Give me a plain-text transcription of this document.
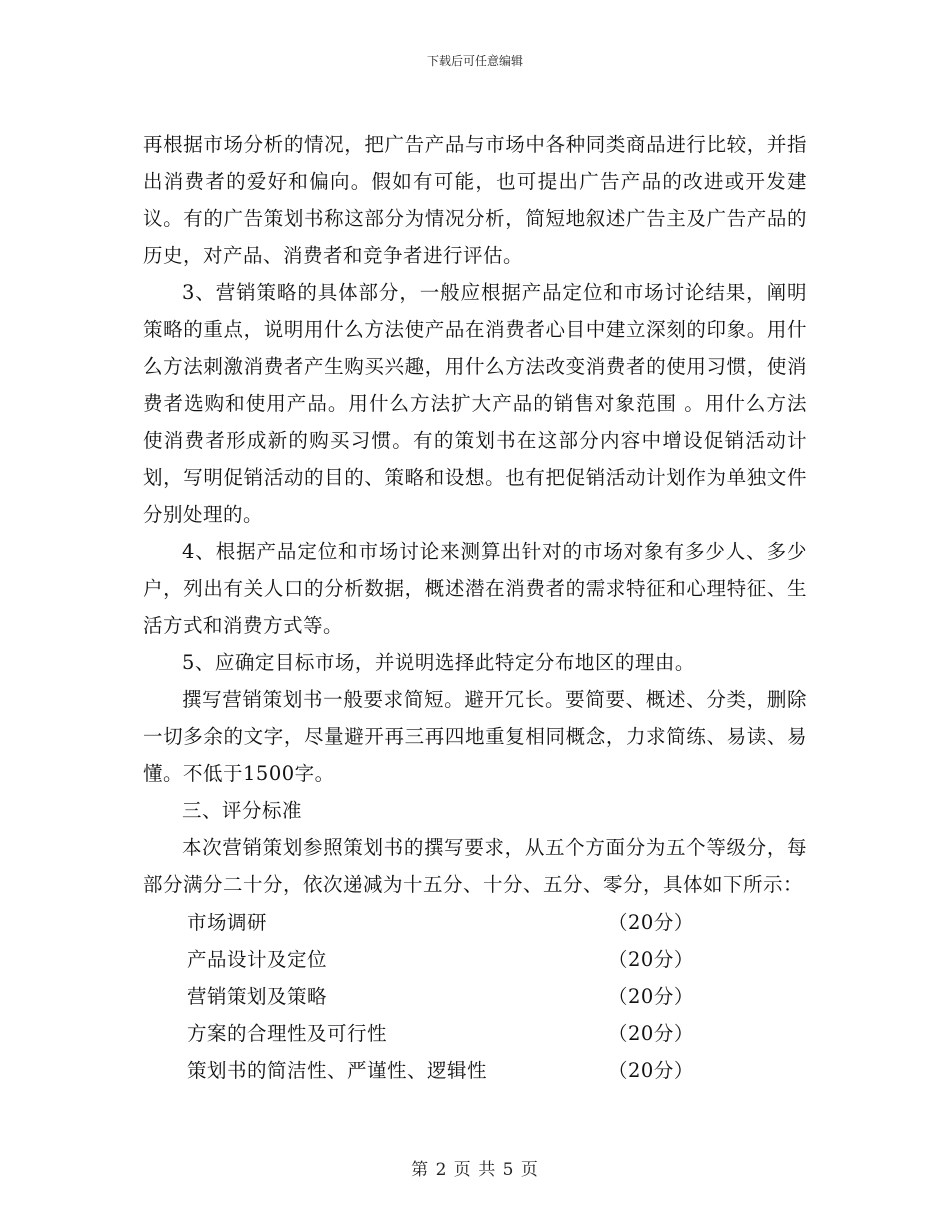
下载后可任意编辑

再根据市场分析的情况，把广告产品与市场中各种同类商品进行比较，并指出消费者的爱好和偏向。假如有可能，也可提出广告产品的改进或开发建议。有的广告策划书称这部分为情况分析，简短地叙述广告主及广告产品的历史，对产品、消费者和竞争者进行评估。

3、营销策略的具体部分，一般应根据产品定位和市场讨论结果，阐明策略的重点，说明用什么方法使产品在消费者心目中建立深刻的印象。用什么方法刺激消费者产生购买兴趣，用什么方法改变消费者的使用习惯，使消费者选购和使用产品。用什么方法扩大产品的销售对象范围 。用什么方法使消费者形成新的购买习惯。有的策划书在这部分内容中增设促销活动计划，写明促销活动的目的、策略和设想。也有把促销活动计划作为单独文件分别处理的。

4、根据产品定位和市场讨论来测算出针对的市场对象有多少人、多少户，列出有关人口的分析数据，概述潜在消费者的需求特征和心理特征、生活方式和消费方式等。

5、应确定目标市场，并说明选择此特定分布地区的理由。

撰写营销策划书一般要求简短。避开冗长。要简要、概述、分类，删除一切多余的文字，尽量避开再三再四地重复相同概念，力求简练、易读、易懂。不低于1500字。

三、评分标准

本次营销策划参照策划书的撰写要求，从五个方面分为五个等级分，每部分满分二十分，依次递减为十五分、十分、五分、零分，具体如下所示：

市场调研	（20分）
产品设计及定位	（20分）
营销策划及策略	（20分）
方案的合理性及可行性	（20分）
策划书的简洁性、严谨性、逻辑性	（20分）
第 2 页 共 5 页
